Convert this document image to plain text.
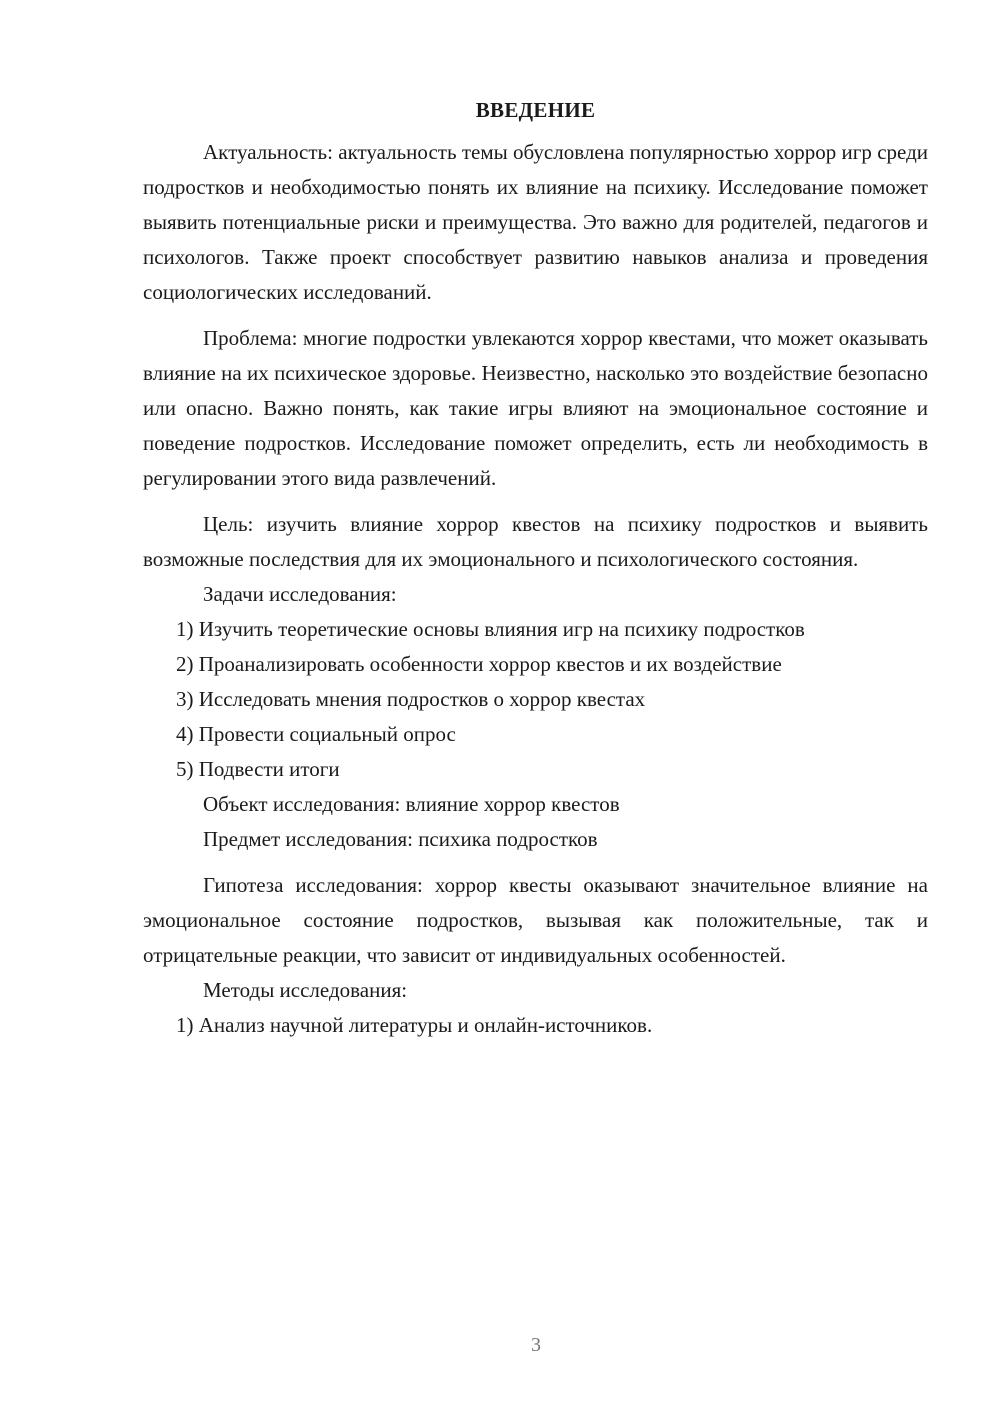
ВВЕДЕНИЕ

Актуальность: актуальность темы обусловлена популярностью хоррор игр среди подростков и необходимостью понять их влияние на психику. Исследование поможет выявить потенциальные риски и преимущества. Это важно для родителей, педагогов и психологов. Также проект способствует развитию навыков анализа и проведения социологических исследований.

Проблема: многие подростки увлекаются хоррор квестами, что может оказывать влияние на их психическое здоровье. Неизвестно, насколько это воздействие безопасно или опасно. Важно понять, как такие игры влияют на эмоциональное состояние и поведение подростков. Исследование поможет определить, есть ли необходимость в регулировании этого вида развлечений.

Цель: изучить влияние хоррор квестов на психику подростков и выявить возможные последствия для их эмоционального и психологического состояния.

Задачи исследования:

1) Изучить теоретические основы влияния игр на психику подростков

2) Проанализировать особенности хоррор квестов и их воздействие

3) Исследовать мнения подростков о хоррор квестах

4) Провести социальный опрос

5) Подвести итоги

Объект исследования: влияние хоррор квестов

Предмет исследования: психика подростков

Гипотеза исследования: хоррор квесты оказывают значительное влияние на эмоциональное состояние подростков, вызывая как положительные, так и отрицательные реакции, что зависит от индивидуальных особенностей.

Методы исследования:

1) Анализ научной литературы и онлайн-источников.

3
